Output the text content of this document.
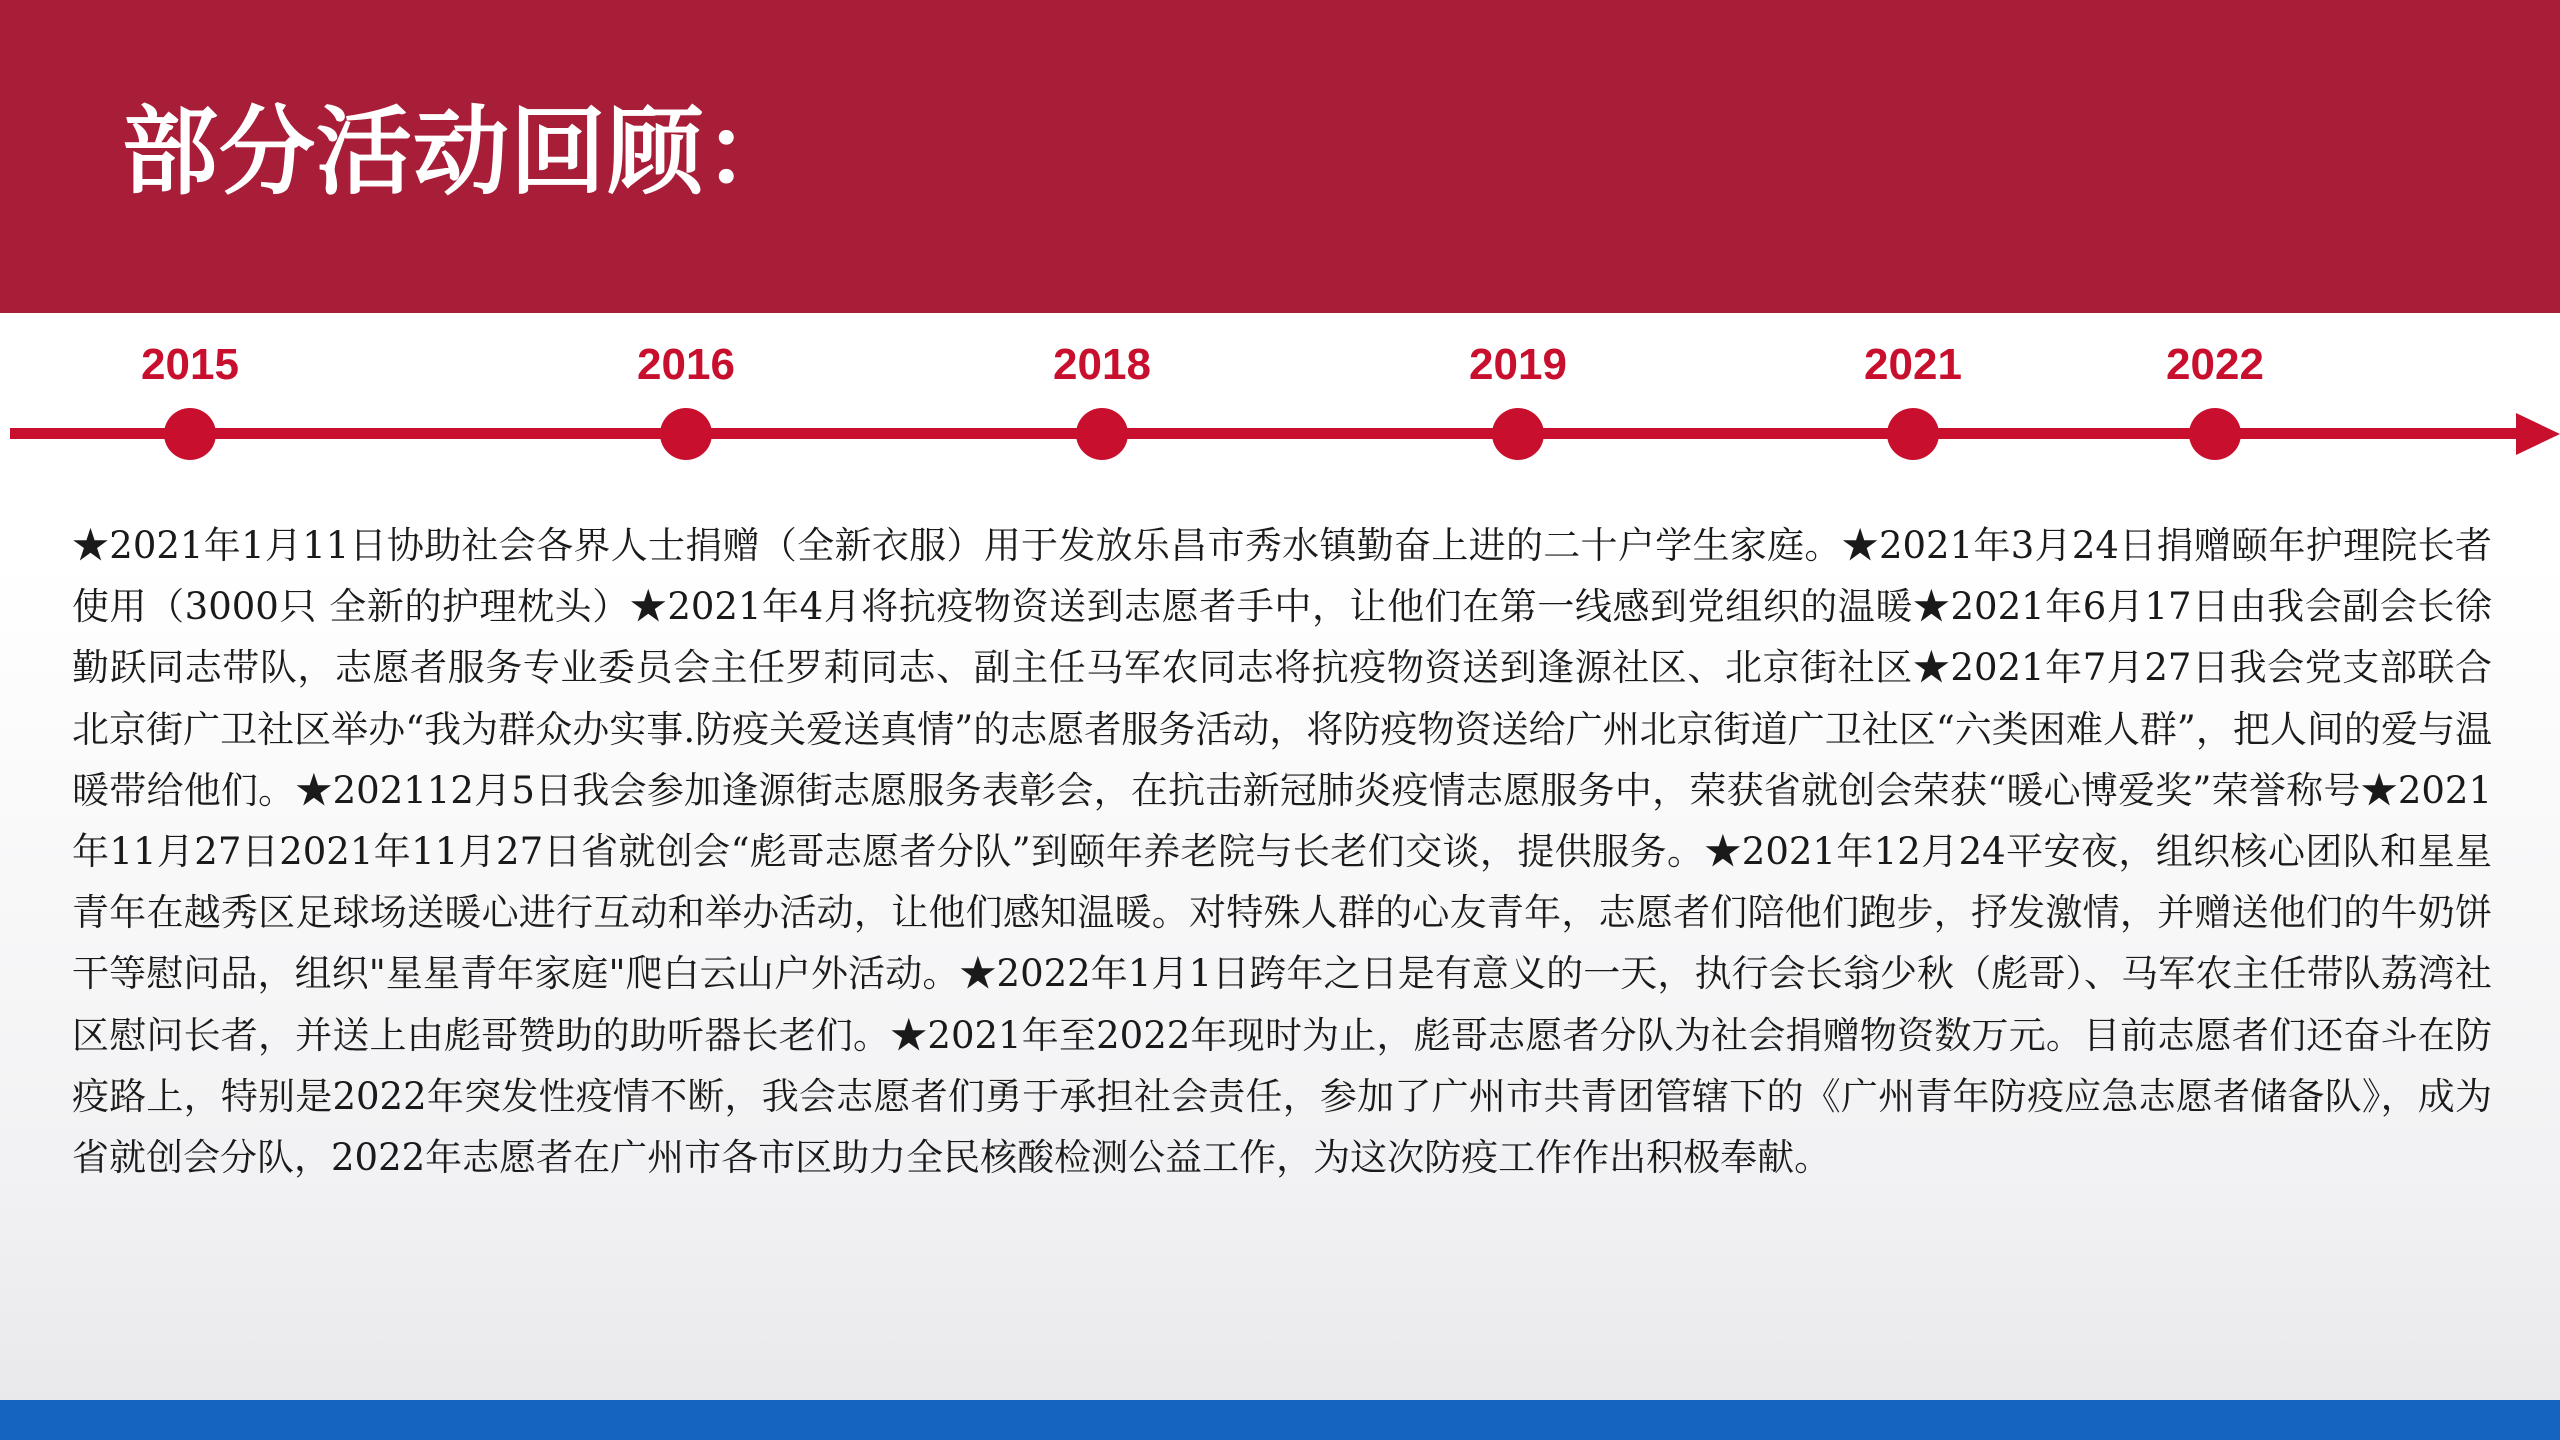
部分活动回顾：
2015	2016	2018	2019	2021	2022

★2021年1月11日协助社会各界人士捐赠（全新衣服）用于发放乐昌市秀水镇勤奋上进的二十户学生家庭。★2021年3月24日捐赠颐年护理院长者使用（3000只 全新的护理枕头）★2021年4月将抗疫物资送到志愿者手中，让他们在第一线感到党组织的温暖★2021年6月17日由我会副会长徐勤跃同志带队，志愿者服务专业委员会主任罗莉同志、副主任马军农同志将抗疫物资送到逢源社区、北京街社区★2021年7月27日我会党支部联合北京街广卫社区举办“我为群众办实事.防疫关爱送真情”的志愿者服务活动，将防疫物资送给广州北京街道广卫社区“六类困难人群”，把人间的爱与温暖带给他们。★202112月5日我会参加逢源街志愿服务表彰会，在抗击新冠肺炎疫情志愿服务中，荣获省就创会荣获“暖心博爱奖”荣誉称号★2021年11月27日2021年11月27日省就创会“彪哥志愿者分队”到颐年养老院与长老们交谈，提供服务。★2021年12月24平安夜，组织核心团队和星星青年在越秀区足球场送暖心进行互动和举办活动，让他们感知温暖。对特殊人群的心友青年，志愿者们陪他们跑步，抒发激情，并赠送他们的牛奶饼干等慰问品，组织"星星青年家庭"爬白云山户外活动。★2022年1月1日跨年之日是有意义的一天，执行会长翁少秋（彪哥）、马军农主任带队荔湾社区慰问长者，并送上由彪哥赞助的助听器长老们。★2021年至2022年现时为止，彪哥志愿者分队为社会捐赠物资数万元。目前志愿者们还奋斗在防疫路上，特别是2022年突发性疫情不断，我会志愿者们勇于承担社会责任，参加了广州市共青团管辖下的《广州青年防疫应急志愿者储备队》，成为省就创会分队，2022年志愿者在广州市各市区助力全民核酸检测公益工作，为这次防疫工作作出积极奉献。
